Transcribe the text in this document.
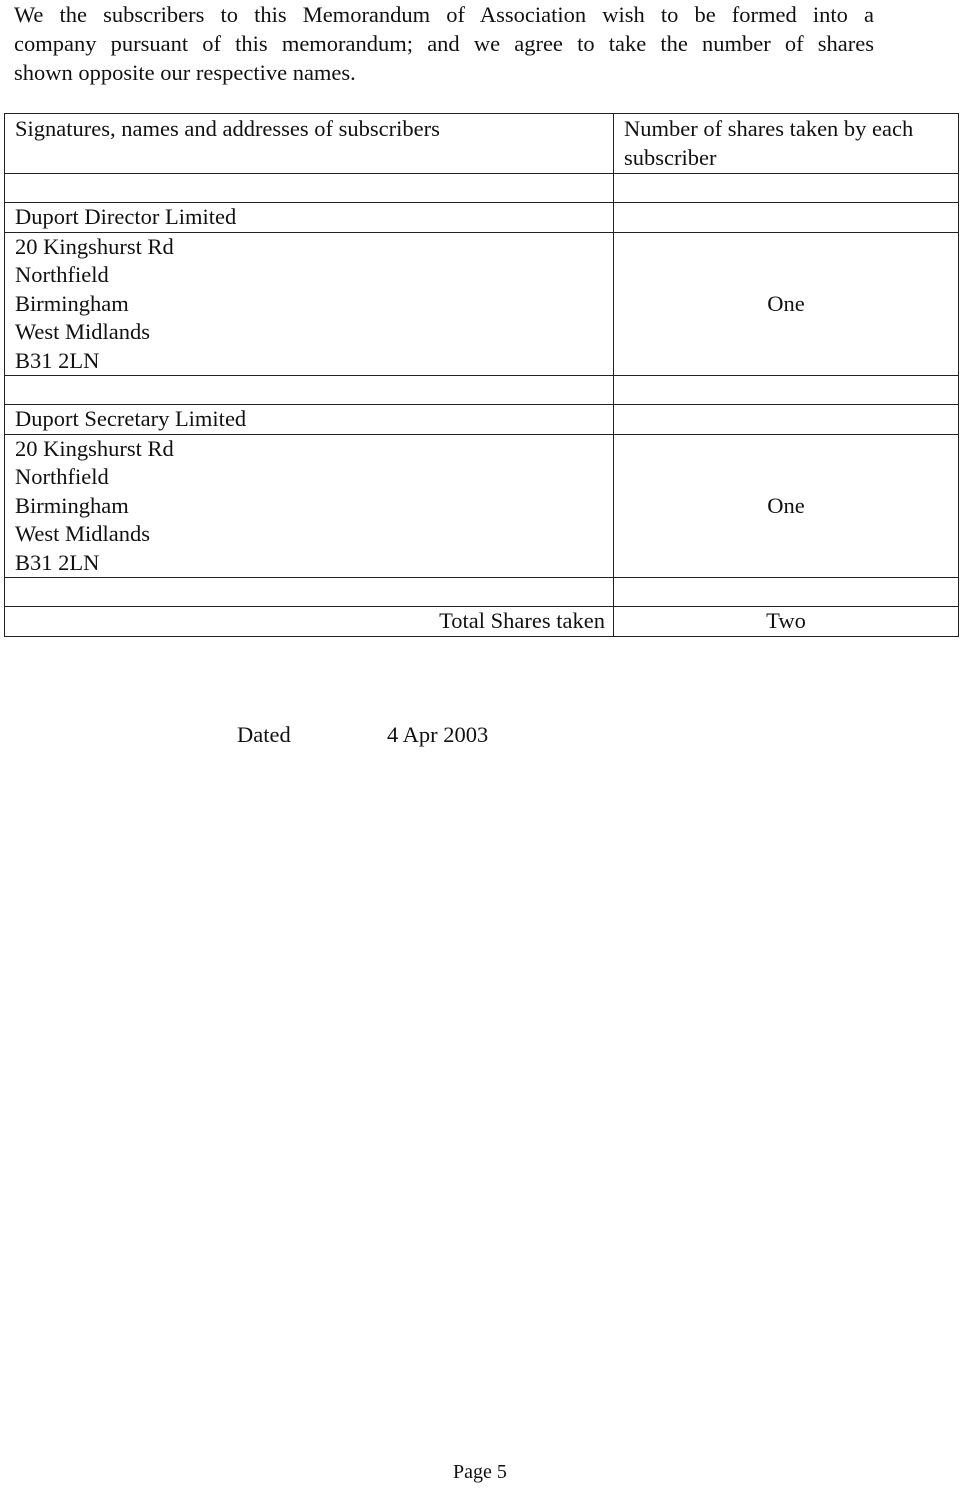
We the subscribers to this Memorandum of Association wish to be formed into a
company pursuant of this memorandum; and we agree to take the number of shares
shown opposite our respective names.
Signatures, names and addresses of subscribers	Number of shares taken by each
subscriber

Duport Director Limited	

20 Kingshurst Rd
Northfield
Birmingham
West Midlands
B31 2LN	One

Duport Secretary Limited	

20 Kingshurst Rd
Northfield
Birmingham
West Midlands
B31 2LN	One

Total Shares taken	Two
Dated	4 Apr 2003
Page 5
